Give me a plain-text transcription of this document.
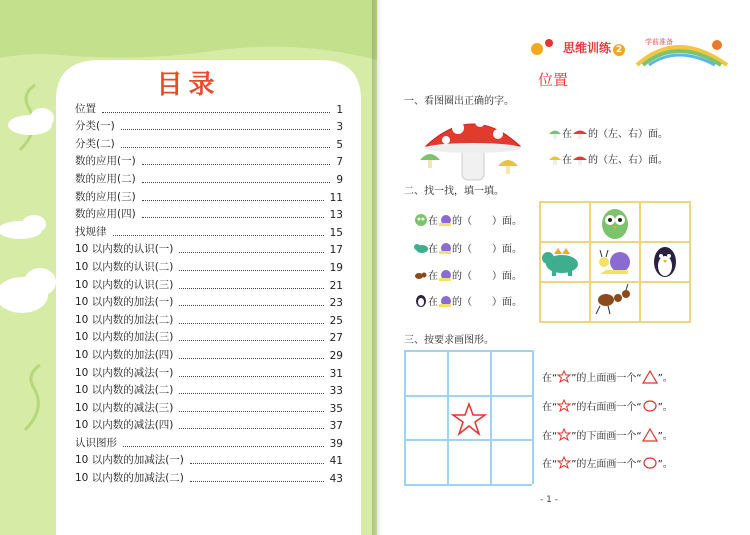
目录
位置	1
分类(一)	3
分类(二)	5
数的应用(一)	7
数的应用(二)	9
数的应用(三)	11
数的应用(四)	13
找规律	15
10 以内数的认识(一)	17
10 以内数的认识(二)	19
10 以内数的认识(三)	21
10 以内数的加法(一)	23
10 以内数的加法(二)	25
10 以内数的加法(三)	27
10 以内数的加法(四)	29
10 以内数的减法(一)	31
10 以内数的减法(二)	33
10 以内数的减法(三)	35
10 以内数的减法(四)	37
认识图形	39
10 以内数的加减法(一)	41
10 以内数的加减法(二)	43
思维训练 2
学前准备
位置
一、看图圈出正确的字。
在 的（左、右）面。
在 的（左、右）面。
二、找一找，填一填。
在 的（　　）面。
在 的（　　）面。
在 的（　　）面。
在 的（　　）面。
三、按要求画图形。
在“ ”的上面画一个“ ”。
在“ ”的右面画一个“ ”。
在“ ”的下面画一个“ ”。
在“ ”的左面画一个“ ”。
- 1 -
